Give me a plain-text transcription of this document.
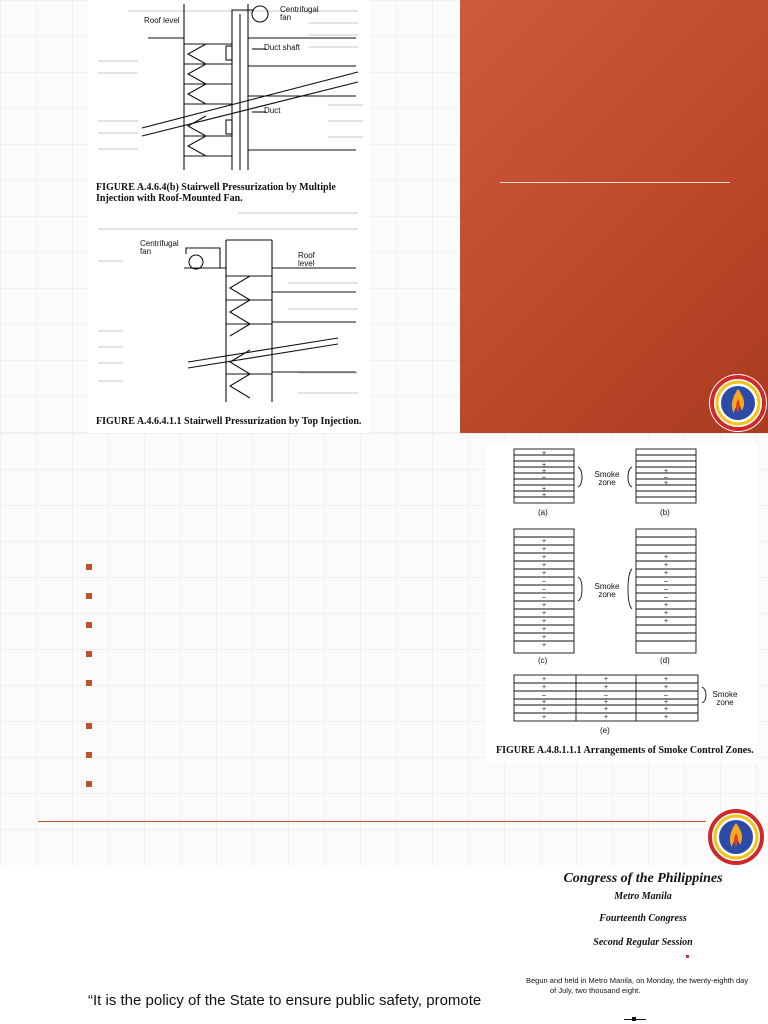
Roof level
Centrifugal fan
Duct shaft
Duct
FIGURE A.4.6.4(b) Stairwell Pressurization by Multiple Injection with Roof-Mounted Fan.
Centrifugal fan	Roof level
FIGURE A.4.6.4.1.1 Stairwell Pressurization by Top Injection.
+
+
+
–
+
+
+
–
+
+
+
+
+
+
–
–
–
+
+
+
+
+
+
+
+
+
–
–
–
+
+
+
+	+	+
+	+	+
–	–	–
+	+	+
+	+	+
+	+	+
Smoke zone
Smoke zone
Smoke zone
(a)	(b)
(c)	(d)
(e)
FIGURE A.4.8.1.1.1 Arrangements of Smoke Control Zones.
“It is the policy of the State to ensure public safety, promote
Congress of the Philippines
Metro Manila
Fourteenth Congress
Second Regular Session
Begun and held in Metro Manila, on Monday, the twenty-eighth day
of July, two thousand eight.
